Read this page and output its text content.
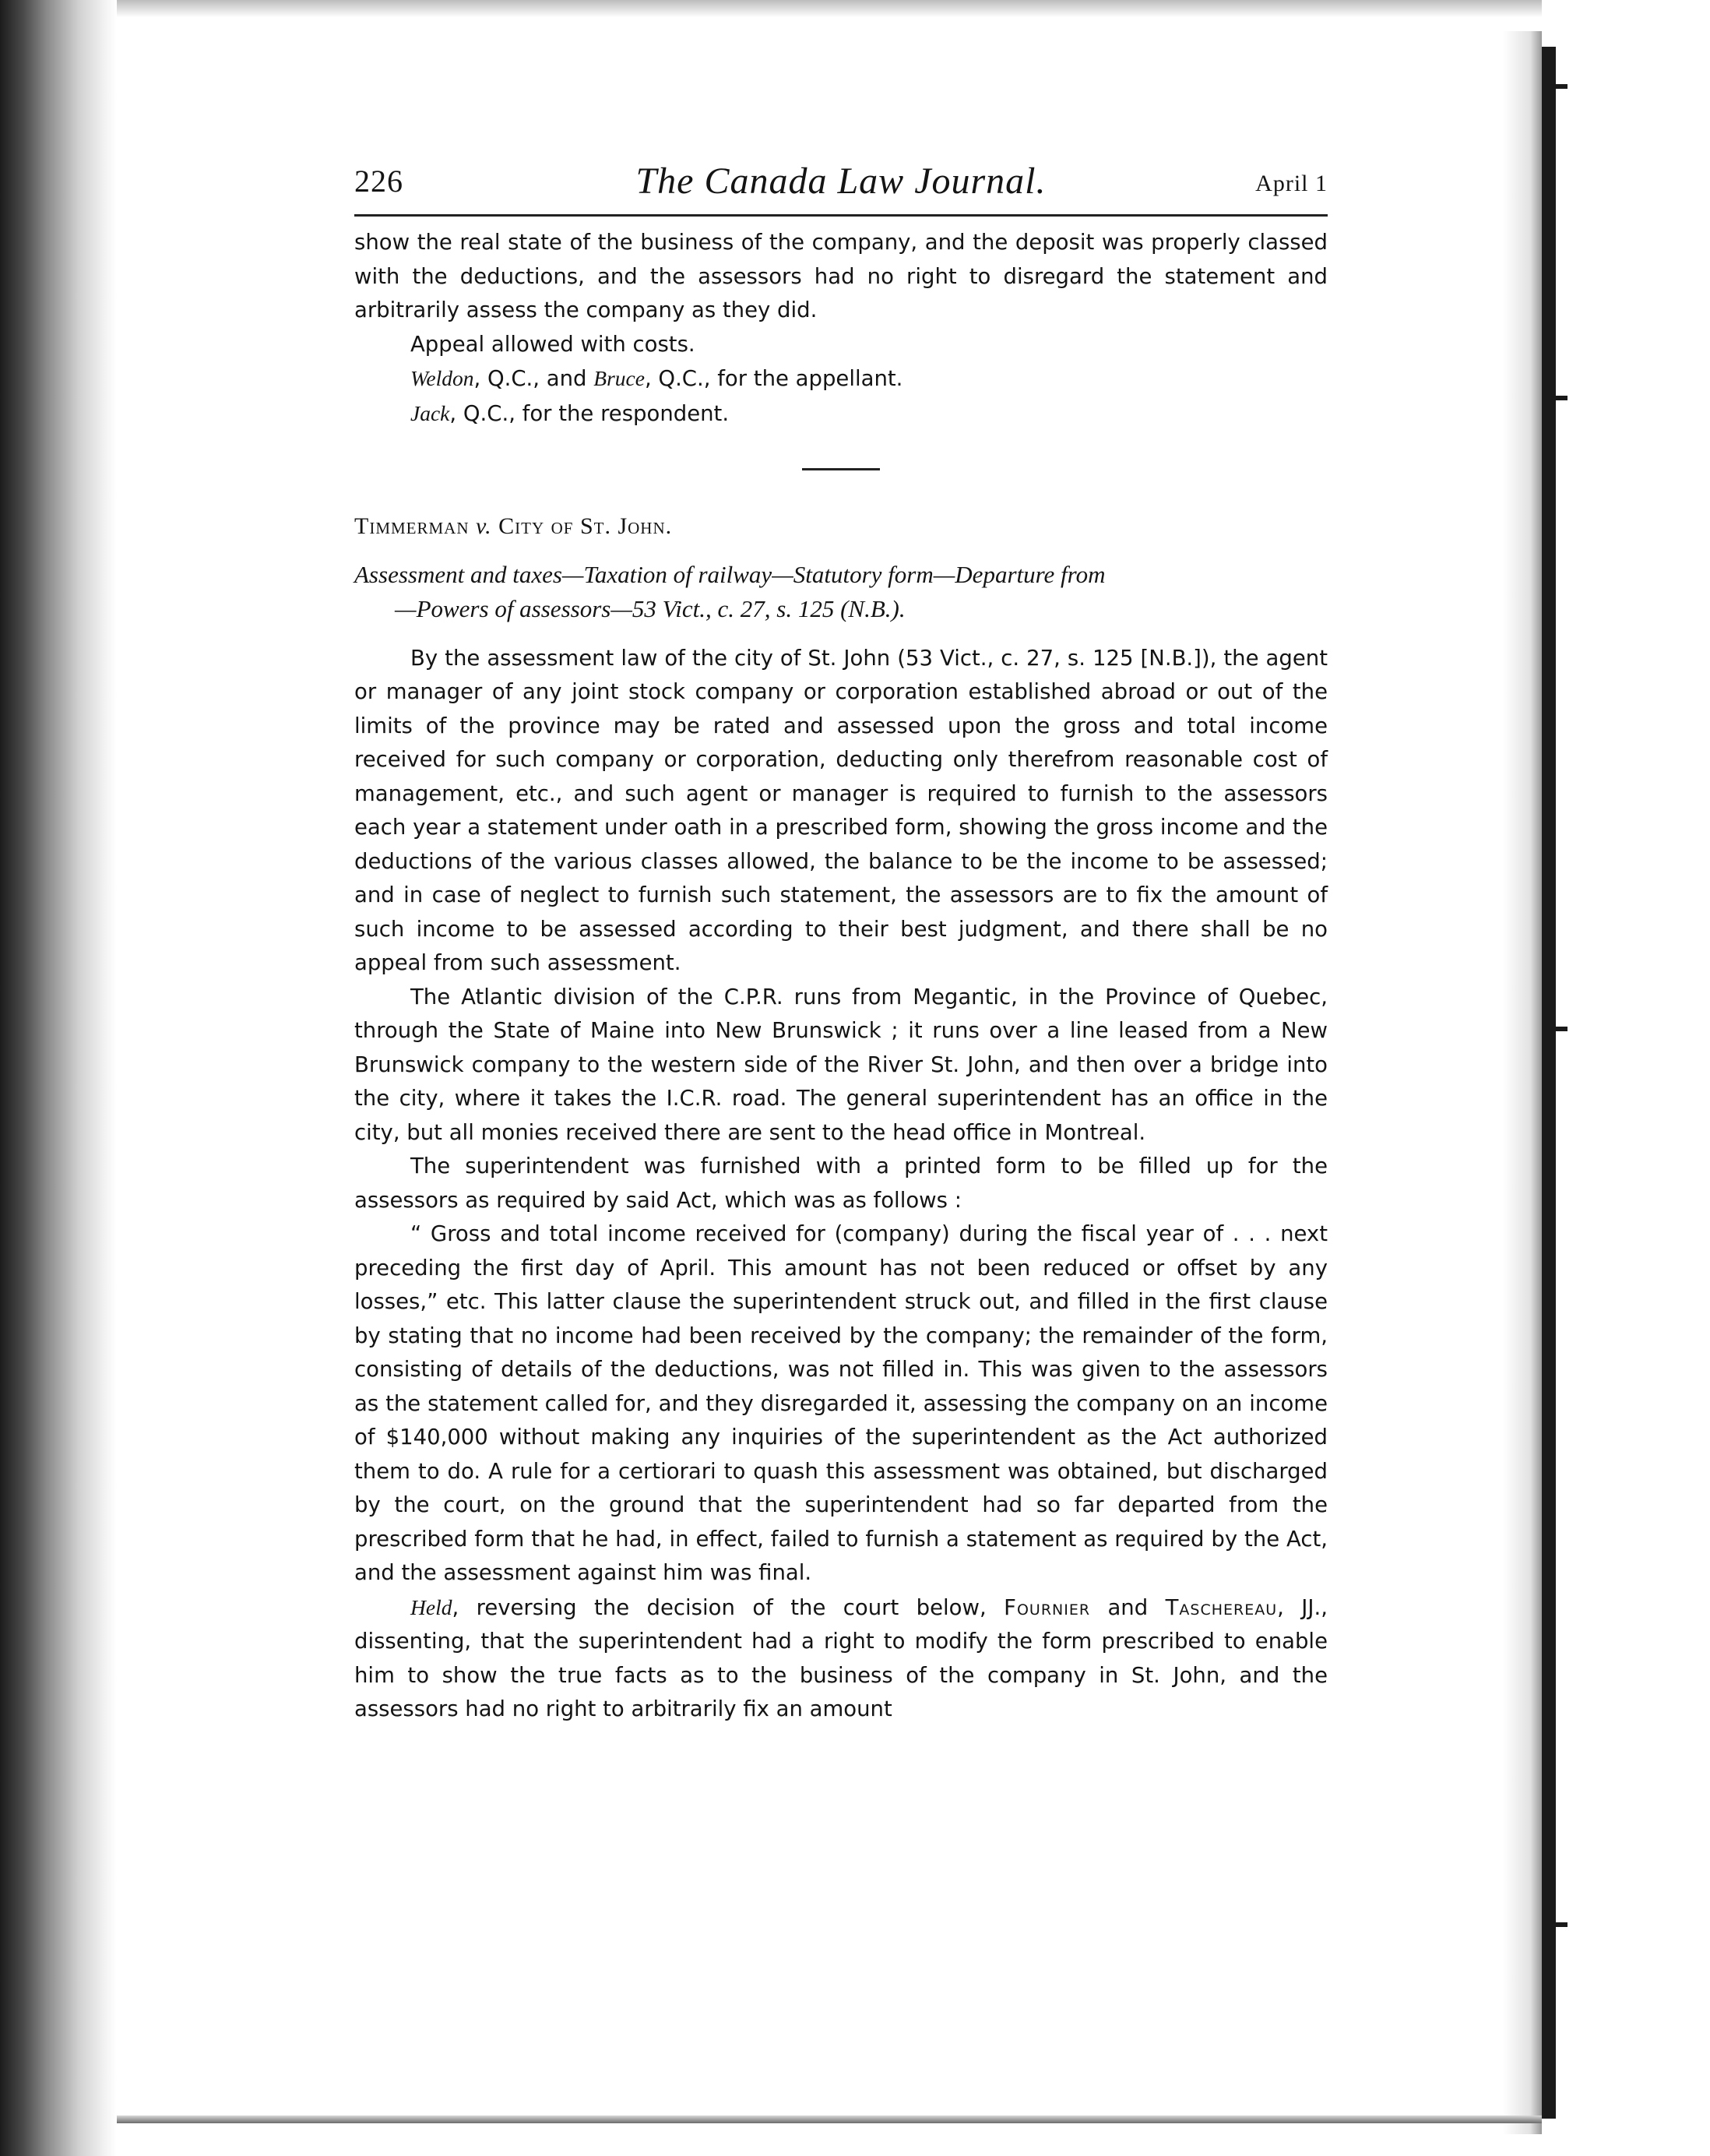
226	The Canada Law Journal.	April 1

show the real state of the business of the company, and the deposit was properly classed with the deductions, and the assessors had no right to disregard the statement and arbitrarily assess the company as they did.

Appeal allowed with costs.

Weldon, Q.C., and Bruce, Q.C., for the appellant.

Jack, Q.C., for the respondent.

Timmerman v. City of St. John.
Assessment and taxes—Taxation of railway—Statutory form—Departure from
—Powers of assessors—53 Vict., c. 27, s. 125 (N.B.).

By the assessment law of the city of St. John (53 Vict., c. 27, s. 125 [N.B.]), the agent or manager of any joint stock company or corporation established abroad or out of the limits of the province may be rated and assessed upon the gross and total income received for such company or corporation, deducting only therefrom reasonable cost of management, etc., and such agent or manager is required to furnish to the assessors each year a statement under oath in a prescribed form, showing the gross income and the deductions of the various classes allowed, the balance to be the income to be assessed; and in case of neglect to furnish such statement, the assessors are to fix the amount of such income to be assessed according to their best judgment, and there shall be no appeal from such assessment.

The Atlantic division of the C.P.R. runs from Megantic, in the Province of Quebec, through the State of Maine into New Brunswick ; it runs over a line leased from a New Brunswick company to the western side of the River St. John, and then over a bridge into the city, where it takes the I.C.R. road. The general superintendent has an office in the city, but all monies received there are sent to the head office in Montreal.

The superintendent was furnished with a printed form to be filled up for the assessors as required by said Act, which was as follows :

“ Gross and total income received for (company) during the fiscal year of . . . next preceding the first day of April. This amount has not been reduced or offset by any losses,” etc. This latter clause the superintendent struck out, and filled in the first clause by stating that no income had been received by the company; the remainder of the form, consisting of details of the deductions, was not filled in. This was given to the assessors as the statement called for, and they disregarded it, assessing the company on an income of $140,000 without making any inquiries of the superintendent as the Act authorized them to do. A rule for a certiorari to quash this assessment was obtained, but discharged by the court, on the ground that the superintendent had so far departed from the prescribed form that he had, in effect, failed to furnish a statement as required by the Act, and the assessment against him was final.

Held, reversing the decision of the court below, Fournier and Taschereau, JJ., dissenting, that the superintendent had a right to modify the form prescribed to enable him to show the true facts as to the business of the company in St. John, and the assessors had no right to arbitrarily fix an amount
